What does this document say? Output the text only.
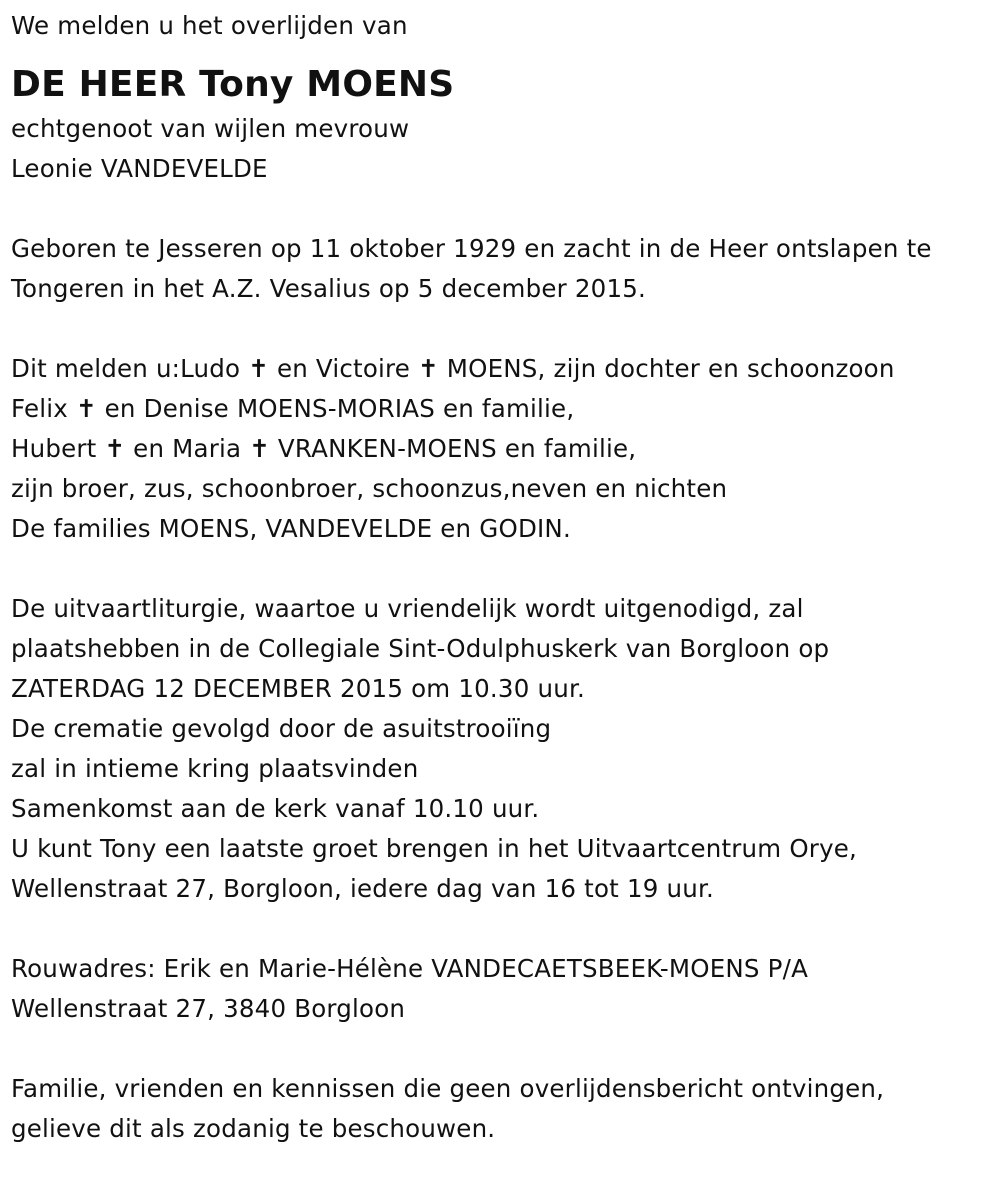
We melden u het overlijden van
DE HEER Tony MOENS
echtgenoot van wijlen mevrouw
Leonie VANDEVELDE
Geboren te Jesseren op 11 oktober 1929 en zacht in de Heer ontslapen te
Tongeren in het A.Z. Vesalius op 5 december 2015.
Dit melden u:Ludo ✝ en Victoire ✝ MOENS, zijn dochter en schoonzoon
Felix ✝ en Denise MOENS-MORIAS en familie,
Hubert ✝ en Maria ✝ VRANKEN-MOENS en familie,
zijn broer, zus, schoonbroer, schoonzus,neven en nichten
De families MOENS, VANDEVELDE en GODIN.
De uitvaartliturgie, waartoe u vriendelijk wordt uitgenodigd, zal
plaatshebben in de Collegiale Sint-Odulphuskerk van Borgloon op
ZATERDAG 12 DECEMBER 2015 om 10.30 uur.
De crematie gevolgd door de asuitstrooiïng
zal in intieme kring plaatsvinden
Samenkomst aan de kerk vanaf 10.10 uur.
U kunt Tony een laatste groet brengen in het Uitvaartcentrum Orye,
Wellenstraat 27, Borgloon, iedere dag van 16 tot 19 uur.
Rouwadres: Erik en Marie-Hélène VANDECAETSBEEK-MOENS P/A
Wellenstraat 27, 3840 Borgloon
Familie, vrienden en kennissen die geen overlijdensbericht ontvingen,
gelieve dit als zodanig te beschouwen.
